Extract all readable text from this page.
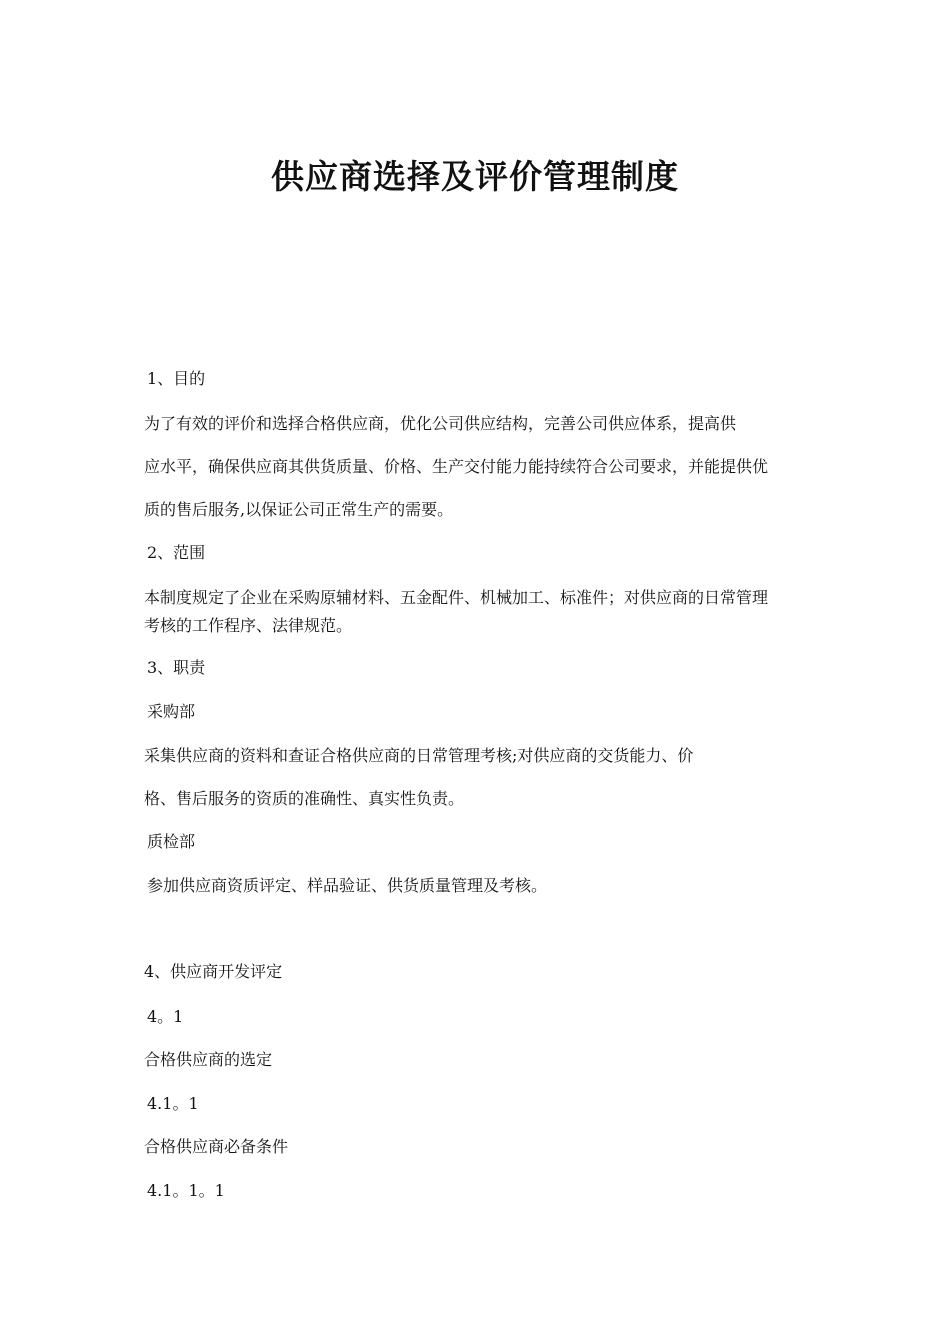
供应商选择及评价管理制度

1、目的

为了有效的评价和选择合格供应商，优化公司供应结构，完善公司供应体系，提高供

应水平，确保供应商其供货质量、价格、生产交付能力能持续符合公司要求，并能提供优

质的售后服务,以保证公司正常生产的需要。

2、范围

本制度规定了企业在采购原辅材料、五金配件、机械加工、标准件；对供应商的日常管理

考核的工作程序、法律规范。

3、职责

采购部

采集供应商的资料和查证合格供应商的日常管理考核;对供应商的交货能力、价

格、售后服务的资质的准确性、真实性负责。

质检部

参加供应商资质评定、样品验证、供货质量管理及考核。

4、供应商开发评定

4。1

合格供应商的选定

4.1。1

合格供应商必备条件

4.1。1。1
